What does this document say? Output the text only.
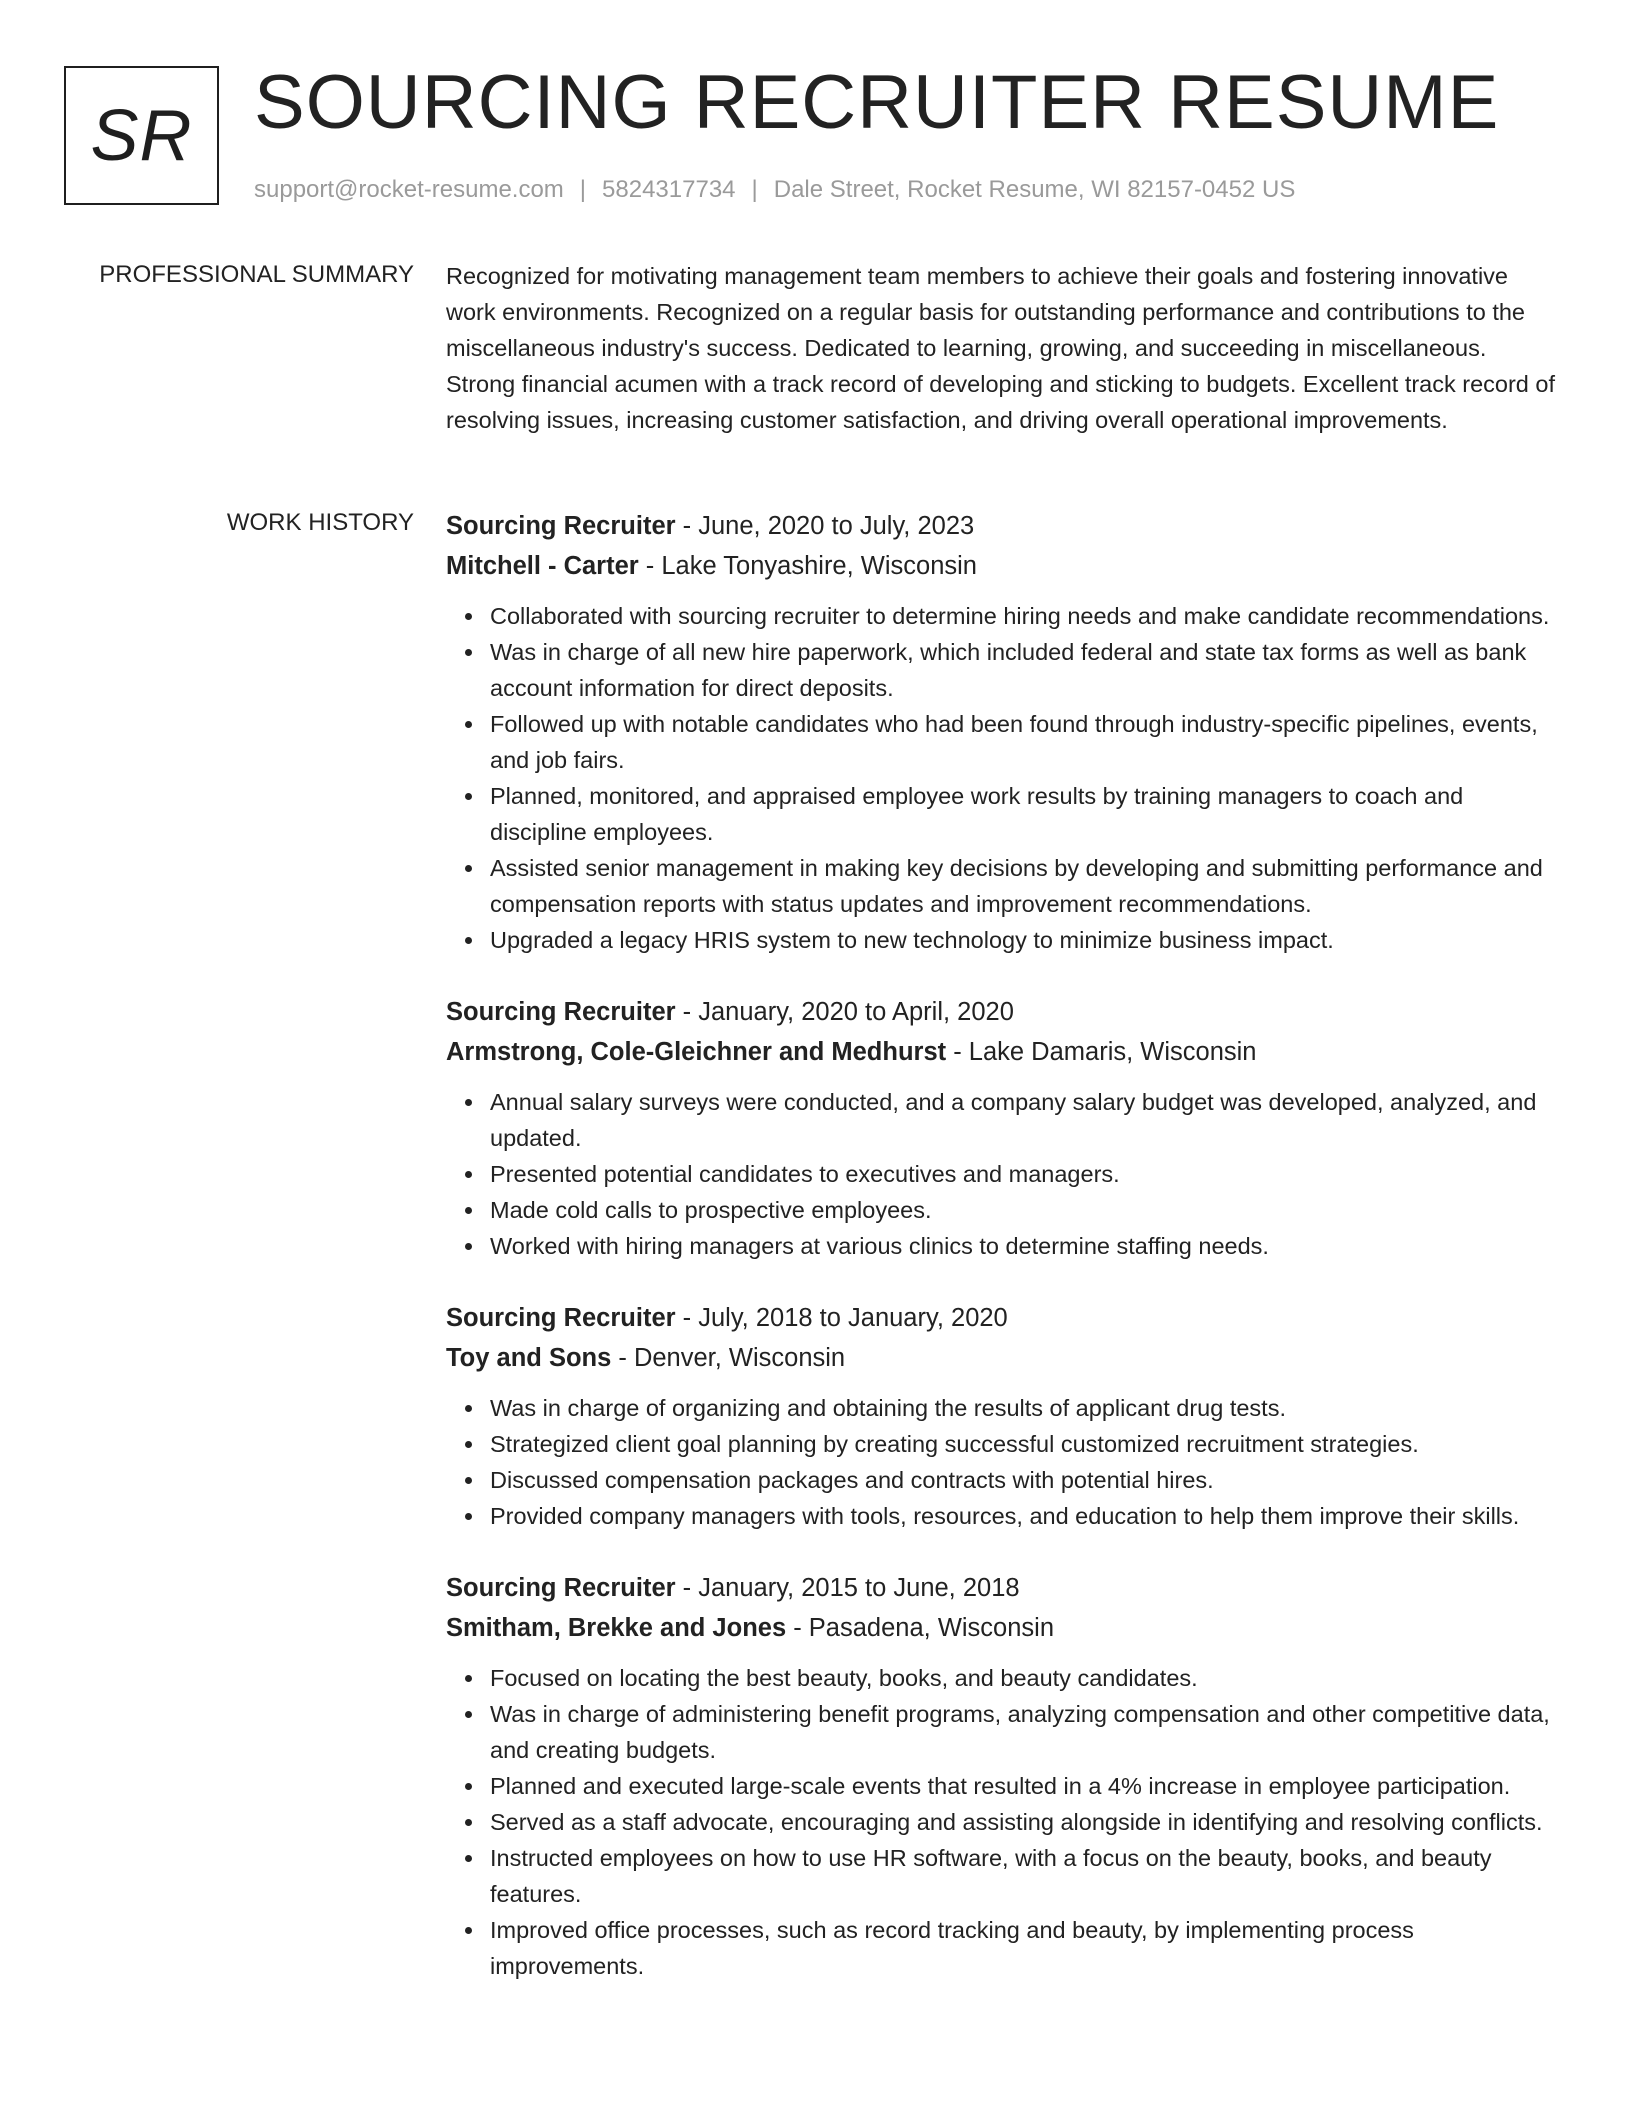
SR SOURCING RECRUITER RESUME
support@rocket-resume.com | 5824317734 | Dale Street, Rocket Resume, WI 82157-0452 US
PROFESSIONAL SUMMARY Recognized for motivating management team members to achieve their goals and fostering innovative work environments. Recognized on a regular basis for outstanding performance and contributions to the miscellaneous industry's success. Dedicated to learning, growing, and succeeding in miscellaneous. Strong financial acumen with a track record of developing and sticking to budgets. Excellent track record of resolving issues, increasing customer satisfaction, and driving overall operational improvements.

WORK HISTORY Sourcing Recruiter - June, 2020 to July, 2023
Mitchell - Carter - Lake Tonyashire, Wisconsin
Collaborated with sourcing recruiter to determine hiring needs and make candidate recommendations.
Was in charge of all new hire paperwork, which included federal and state tax forms as well as bank account information for direct deposits.
Followed up with notable candidates who had been found through industry-specific pipelines, events, and job fairs.
Planned, monitored, and appraised employee work results by training managers to coach and discipline employees.
Assisted senior management in making key decisions by developing and submitting performance and compensation reports with status updates and improvement recommendations.
Upgraded a legacy HRIS system to new technology to minimize business impact.
Sourcing Recruiter - January, 2020 to April, 2020
Armstrong, Cole-Gleichner and Medhurst - Lake Damaris, Wisconsin
Annual salary surveys were conducted, and a company salary budget was developed, analyzed, and updated.
Presented potential candidates to executives and managers.
Made cold calls to prospective employees.
Worked with hiring managers at various clinics to determine staffing needs.
Sourcing Recruiter - July, 2018 to January, 2020
Toy and Sons - Denver, Wisconsin
Was in charge of organizing and obtaining the results of applicant drug tests.
Strategized client goal planning by creating successful customized recruitment strategies.
Discussed compensation packages and contracts with potential hires.
Provided company managers with tools, resources, and education to help them improve their skills.
Sourcing Recruiter - January, 2015 to June, 2018
Smitham, Brekke and Jones - Pasadena, Wisconsin
Focused on locating the best beauty, books, and beauty candidates.
Was in charge of administering benefit programs, analyzing compensation and other competitive data, and creating budgets.
Planned and executed large-scale events that resulted in a 4% increase in employee participation.
Served as a staff advocate, encouraging and assisting alongside in identifying and resolving conflicts.
Instructed employees on how to use HR software, with a focus on the beauty, books, and beauty features.
Improved office processes, such as record tracking and beauty, by implementing process improvements.
